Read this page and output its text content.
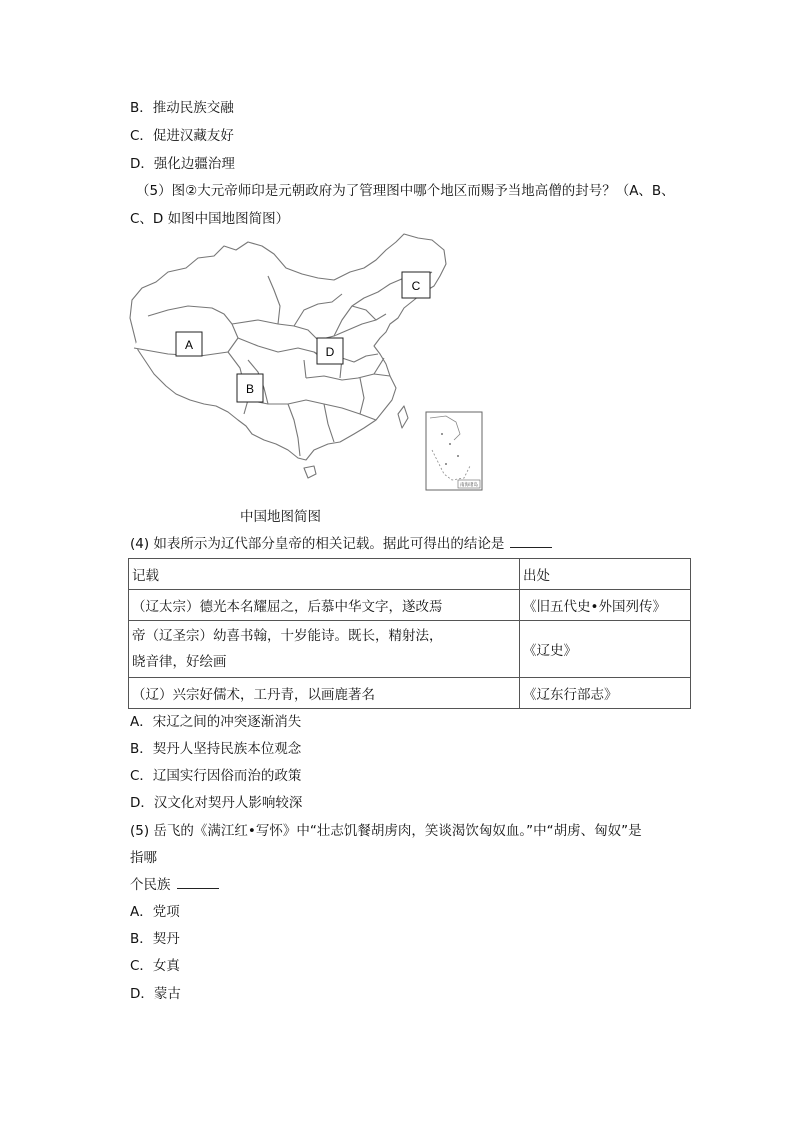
B．推动民族交融
C．促进汉藏友好
D．强化边疆治理
（5）图②大元帝师印是元朝政府为了管理图中哪个地区而赐予当地高僧的封号？（A、B、
C、D 如图中国地图简图）
A
B
C
D
南海诸岛
中国地图简图
(4) 如表所示为辽代部分皇帝的相关记载。据此可得出的结论是
记载	出处
（辽太宗）德光本名耀屈之，后慕中华文字，遂改焉	《旧五代史•外国列传》

帝（辽圣宗）幼喜书翰，十岁能诗。既长，精射法，
晓音律，好绘画	《辽史》
（辽）兴宗好儒术，工丹青，以画鹿著名	《辽东行部志》
A．宋辽之间的冲突逐渐消失
B．契丹人坚持民族本位观念
C．辽国实行因俗而治的政策
D．汉文化对契丹人影响较深
(5) 岳飞的《满江红•写怀》中“壮志饥餐胡虏肉，笑谈渴饮匈奴血。”中“胡虏、匈奴”是
指哪
个民族
A．党项
B．契丹
C．女真
D．蒙古
